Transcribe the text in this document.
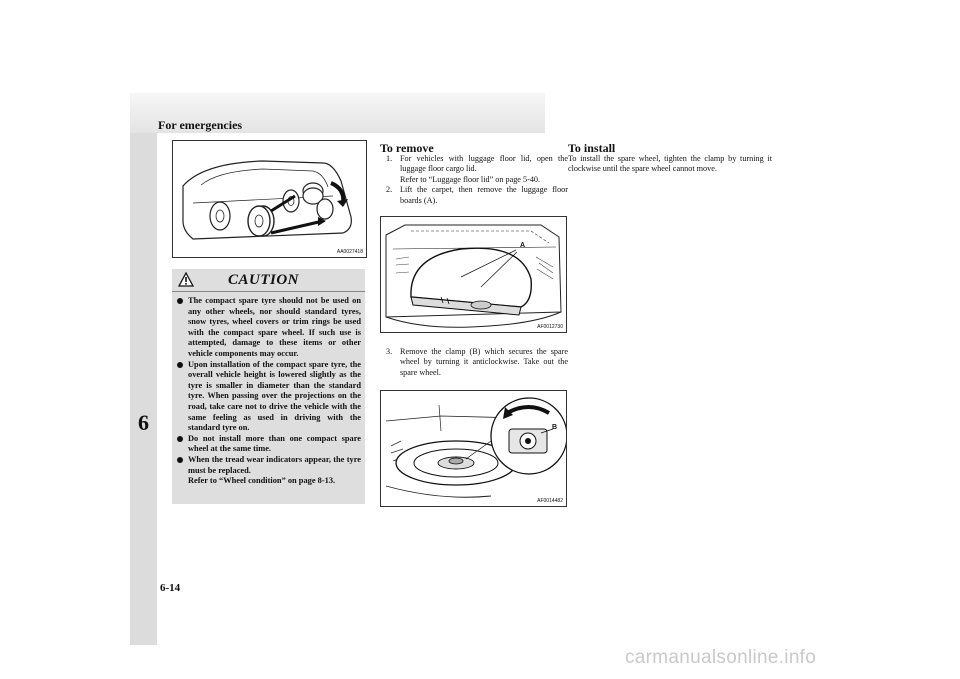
For emergencies
6
6-14
AA0027418
CAUTION
The compact spare tyre should not be used on any other wheels, nor should standard tyres, snow tyres, wheel covers or trim rings be used with the compact spare wheel. If such use is attempted, damage to these items or other vehicle components may occur.
Upon installation of the compact spare tyre, the overall vehicle height is lowered slightly as the tyre is smaller in diameter than the standard tyre. When passing over the projections on the road, take care not to drive the vehicle with the same feeling as used in driving with the standard tyre on.
Do not install more than one compact spare wheel at the same time.
When the tread wear indicators appear, the tyre must be replaced.
Refer to “Wheel condition” on page 8-13.
To remove
1. For vehicles with luggage floor lid, open the luggage floor cargo lid.
Refer to “Luggage floor lid” on page 5-40.
2. Lift the carpet, then remove the luggage floor boards (A).
A
AF0012730
3. Remove the clamp (B) which secures the spare wheel by turning it anticlockwise. Take out the spare wheel.
B
AF0014482
To install

To install the spare wheel, tighten the clamp by turning it clockwise until the spare wheel cannot move.

carmanualsonline.info
